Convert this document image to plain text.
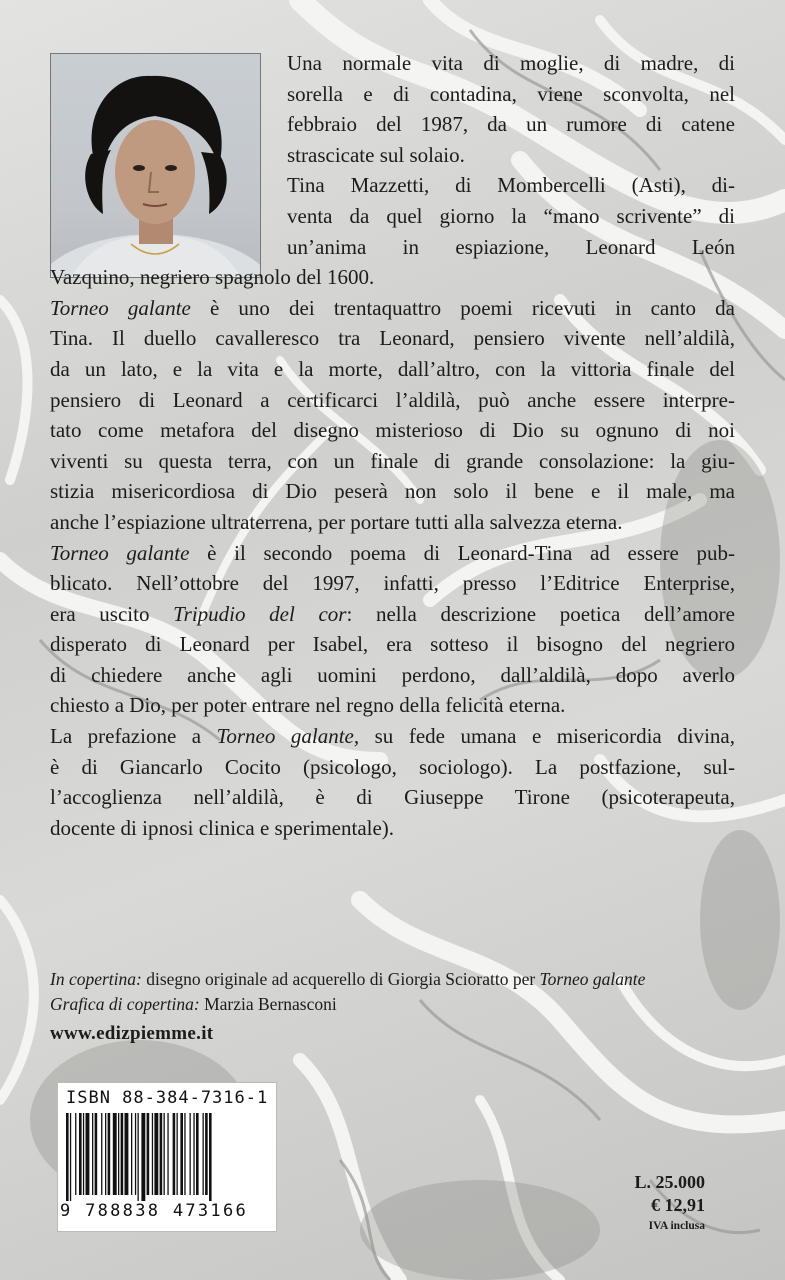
Una normale vita di moglie, di madre, di
sorella e di contadina, viene sconvolta, nel
febbraio del 1987, da un rumore di catene
strascicate sul solaio.
Tina Mazzetti, di Mombercelli (Asti), di-
venta da quel giorno la “mano scrivente” di
un’anima in espiazione, Leonard León
Vazquino, negriero spagnolo del 1600.
Torneo galante è uno dei trentaquattro poemi ricevuti in canto da
Tina. Il duello cavalleresco tra Leonard, pensiero vivente nell’aldilà,
da un lato, e la vita e la morte, dall’altro, con la vittoria finale del
pensiero di Leonard a certificarci l’aldilà, può anche essere interpre-
tato come metafora del disegno misterioso di Dio su ognuno di noi
viventi su questa terra, con un finale di grande consolazione: la giu-
stizia misericordiosa di Dio peserà non solo il bene e il male, ma
anche l’espiazione ultraterrena, per portare tutti alla salvezza eterna.
Torneo galante è il secondo poema di Leonard-Tina ad essere pub-
blicato. Nell’ottobre del 1997, infatti, presso l’Editrice Enterprise,
era uscito Tripudio del cor: nella descrizione poetica dell’amore
disperato di Leonard per Isabel, era sotteso il bisogno del negriero
di chiedere anche agli uomini perdono, dall’aldilà, dopo averlo
chiesto a Dio, per poter entrare nel regno della felicità eterna.
La prefazione a Torneo galante, su fede umana e misericordia divina,
è di Giancarlo Cocito (psicologo, sociologo). La postfazione, sul-
l’accoglienza nell’aldilà, è di Giuseppe Tirone (psicoterapeuta,
docente di ipnosi clinica e sperimentale).
In copertina: disegno originale ad acquerello di Giorgia Scioratto per Torneo galante
Grafica di copertina: Marzia Bernasconi
www.edizpiemme.it
ISBN 88-384-7316-1
9 788838 473166
L. 25.000
€ 12,91
IVA inclusa
